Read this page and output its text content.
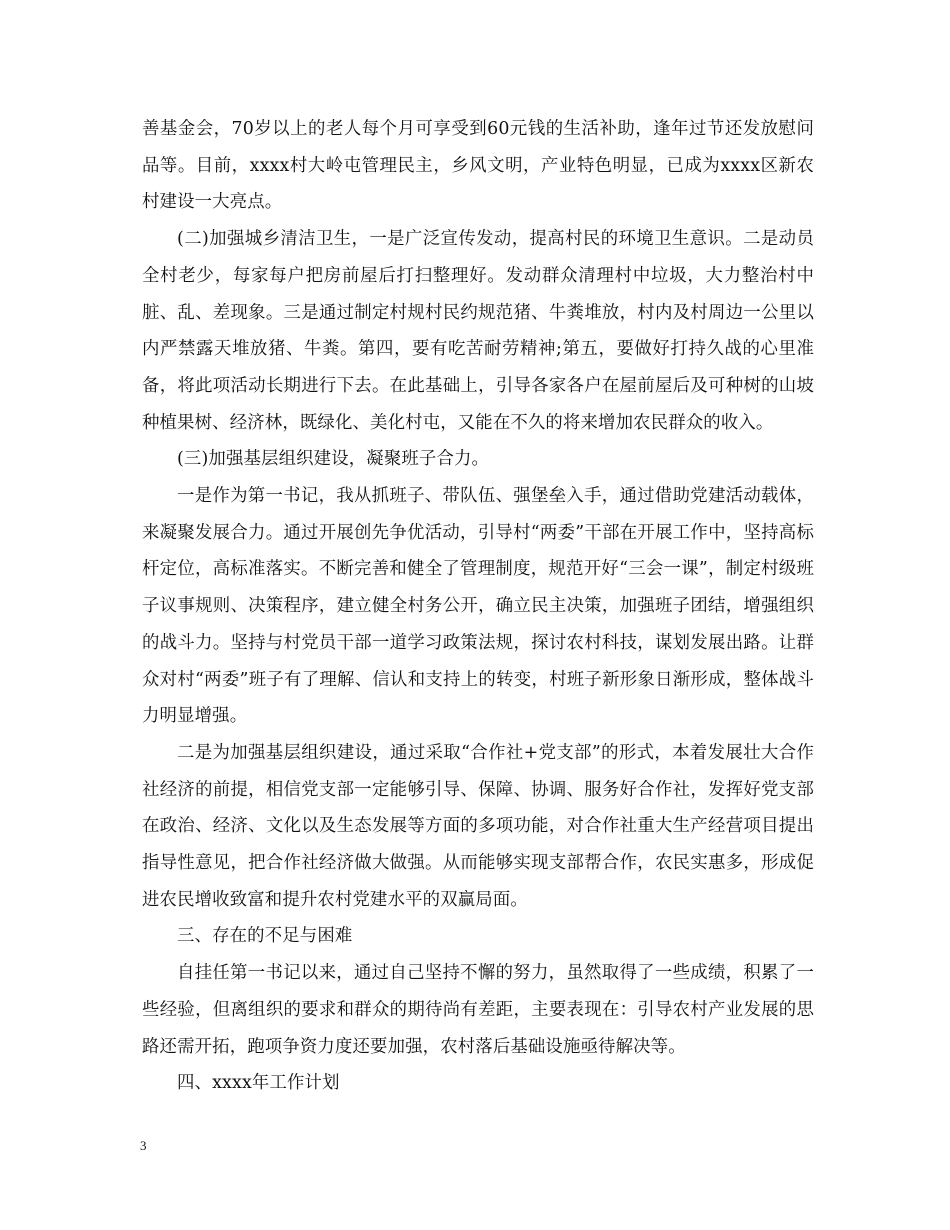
善基金会，70岁以上的老人每个月可享受到60元钱的生活补助，逢年过节还发放慰问品等。目前，xxxx村大岭屯管理民主，乡风文明，产业特色明显，已成为xxxx区新农村建设一大亮点。

(二)加强城乡清洁卫生，一是广泛宣传发动，提高村民的环境卫生意识。二是动员全村老少，每家每户把房前屋后打扫整理好。发动群众清理村中垃圾，大力整治村中脏、乱、差现象。三是通过制定村规村民约规范猪、牛粪堆放，村内及村周边一公里以内严禁露天堆放猪、牛粪。第四，要有吃苦耐劳精神;第五，要做好打持久战的心里准备，将此项活动长期进行下去。在此基础上，引导各家各户在屋前屋后及可种树的山坡种植果树、经济林，既绿化、美化村屯，又能在不久的将来增加农民群众的收入。

(三)加强基层组织建设，凝聚班子合力。

一是作为第一书记，我从抓班子、带队伍、强堡垒入手，通过借助党建活动载体，来凝聚发展合力。通过开展创先争优活动，引导村“两委”干部在开展工作中，坚持高标杆定位，高标准落实。不断完善和健全了管理制度，规范开好“三会一课”，制定村级班子议事规则、决策程序，建立健全村务公开，确立民主决策，加强班子团结，增强组织的战斗力。坚持与村党员干部一道学习政策法规，探讨农村科技，谋划发展出路。让群众对村“两委”班子有了理解、信认和支持上的转变，村班子新形象日渐形成，整体战斗力明显增强。

二是为加强基层组织建设，通过采取“合作社+党支部”的形式，本着发展壮大合作社经济的前提，相信党支部一定能够引导、保障、协调、服务好合作社，发挥好党支部在政治、经济、文化以及生态发展等方面的多项功能，对合作社重大生产经营项目提出指导性意见，把合作社经济做大做强。从而能够实现支部帮合作，农民实惠多，形成促进农民增收致富和提升农村党建水平的双赢局面。

三、存在的不足与困难

自挂任第一书记以来，通过自己坚持不懈的努力，虽然取得了一些成绩，积累了一些经验，但离组织的要求和群众的期待尚有差距，主要表现在：引导农村产业发展的思路还需开拓，跑项争资力度还要加强，农村落后基础设施亟待解决等。

四、xxxx年工作计划

3
